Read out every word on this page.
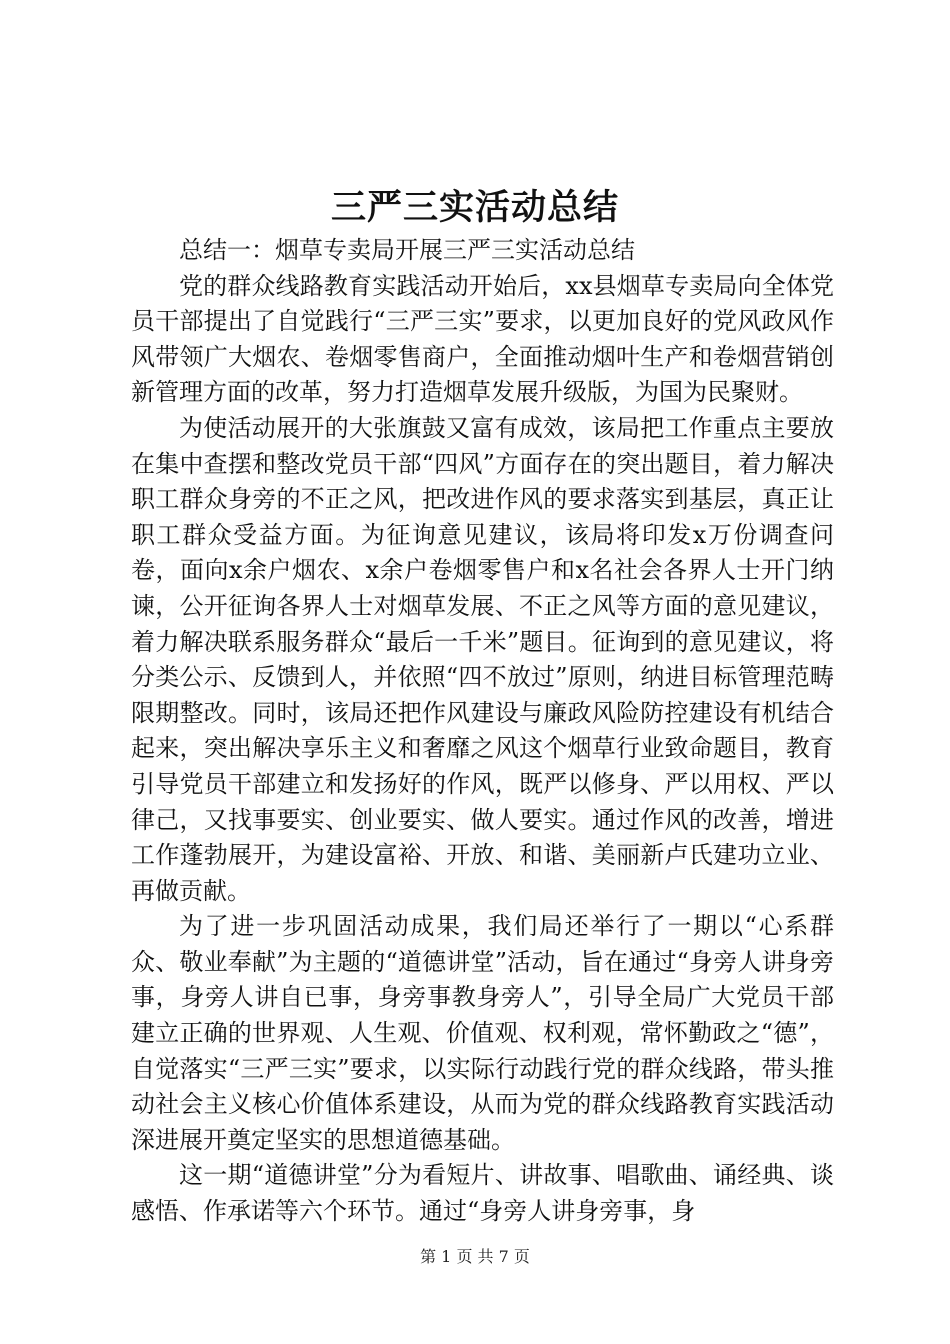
三严三实活动总结

总结一：烟草专卖局开展三严三实活动总结

党的群众线路教育实践活动开始后，xx县烟草专卖局向全体党员干部提出了自觉践行“三严三实”要求，以更加良好的党风政风作风带领广大烟农、卷烟零售商户，全面推动烟叶生产和卷烟营销创新管理方面的改革，努力打造烟草发展升级版，为国为民聚财。

为使活动展开的大张旗鼓又富有成效，该局把工作重点主要放在集中查摆和整改党员干部“四风”方面存在的突出题目，着力解决职工群众身旁的不正之风，把改进作风的要求落实到基层，真正让职工群众受益方面。为征询意见建议，该局将印发x万份调查问卷，面向x余户烟农、x余户卷烟零售户和x名社会各界人士开门纳谏，公开征询各界人士对烟草发展、不正之风等方面的意见建议，着力解决联系服务群众“最后一千米”题目。征询到的意见建议，将分类公示、反馈到人，并依照“四不放过”原则，纳进目标管理范畴限期整改。同时，该局还把作风建设与廉政风险防控建设有机结合起来，突出解决享乐主义和奢靡之风这个烟草行业致命题目，教育引导党员干部建立和发扬好的作风，既严以修身、严以用权、严以律己，又找事要实、创业要实、做人要实。通过作风的改善，增进工作蓬勃展开，为建设富裕、开放、和谐、美丽新卢氏建功立业、再做贡献。

为了进一步巩固活动成果，我们局还举行了一期以“心系群众、敬业奉献”为主题的“道德讲堂”活动，旨在通过“身旁人讲身旁事，身旁人讲自已事，身旁事教身旁人”，引导全局广大党员干部建立正确的世界观、人生观、价值观、权利观，常怀勤政之“德”，自觉落实“三严三实”要求，以实际行动践行党的群众线路，带头推动社会主义核心价值体系建设，从而为党的群众线路教育实践活动深进展开奠定坚实的思想道德基础。

这一期“道德讲堂”分为看短片、讲故事、唱歌曲、诵经典、谈感悟、作承诺等六个环节。通过“身旁人讲身旁事，身

第 1 页 共 7 页
